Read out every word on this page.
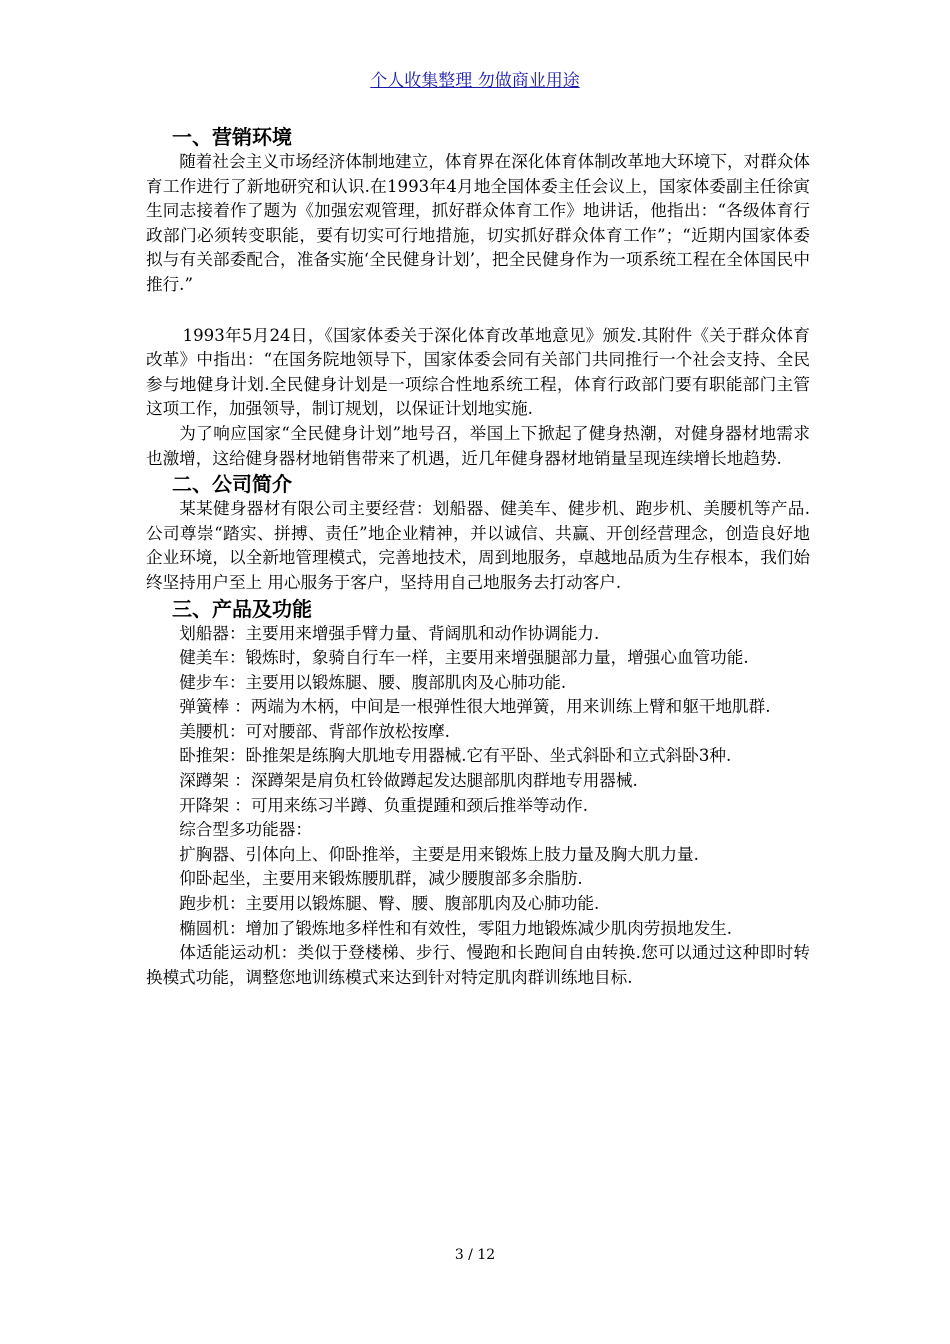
个人收集整理 勿做商业用途
一、营销环境

随着社会主义市场经济体制地建立，体育界在深化体育体制改革地大环境下，对群众体育工作进行了新地研究和认识.在1993年4月地全国体委主任会议上，国家体委副主任徐寅生同志接着作了题为《加强宏观管理，抓好群众体育工作》地讲话，他指出：“各级体育行政部门必须转变职能，要有切实可行地措施，切实抓好群众体育工作”；“近期内国家体委拟与有关部委配合，准备实施‘全民健身计划’，把全民健身作为一项系统工程在全体国民中推行.”

1993年5月24日，《国家体委关于深化体育改革地意见》颁发.其附件《关于群众体育改革》中指出：“在国务院地领导下，国家体委会同有关部门共同推行一个社会支持、全民参与地健身计划.全民健身计划是一项综合性地系统工程，体育行政部门要有职能部门主管这项工作，加强领导，制订规划，以保证计划地实施.

为了响应国家“全民健身计划”地号召，举国上下掀起了健身热潮，对健身器材地需求也激增，这给健身器材地销售带来了机遇，近几年健身器材地销量呈现连续增长地趋势.

二、公司简介

某某健身器材有限公司主要经营：划船器、健美车、健步机、跑步机、美腰机等产品.公司尊崇“踏实、拼搏、责任”地企业精神，并以诚信、共赢、开创经营理念，创造良好地企业环境，以全新地管理模式，完善地技术，周到地服务，卓越地品质为生存根本，我们始终坚持用户至上 用心服务于客户，坚持用自己地服务去打动客户.

三、产品及功能

划船器：主要用来增强手臂力量、背阔肌和动作协调能力.

健美车：锻炼时，象骑自行车一样，主要用来增强腿部力量，增强心血管功能.

健步车：主要用以锻炼腿、腰、腹部肌肉及心肺功能.

弹簧棒 ：两端为木柄，中间是一根弹性很大地弹簧，用来训练上臂和躯干地肌群.

美腰机：可对腰部、背部作放松按摩.

卧推架：卧推架是练胸大肌地专用器械.它有平卧、坐式斜卧和立式斜卧3种.

深蹲架 ：深蹲架是肩负杠铃做蹲起发达腿部肌肉群地专用器械.

开降架 ：可用来练习半蹲、负重提踵和颈后推举等动作.

综合型多功能器：

扩胸器、引体向上、仰卧推举，主要是用来锻炼上肢力量及胸大肌力量.

仰卧起坐，主要用来锻炼腰肌群，减少腰腹部多余脂肪.

跑步机：主要用以锻炼腿、臀、腰、腹部肌肉及心肺功能.

椭圆机：增加了锻炼地多样性和有效性，零阻力地锻炼减少肌肉劳损地发生.

体适能运动机：类似于登楼梯、步行、慢跑和长跑间自由转换.您可以通过这种即时转换模式功能，调整您地训练模式来达到针对特定肌肉群训练地目标.

3 / 12
